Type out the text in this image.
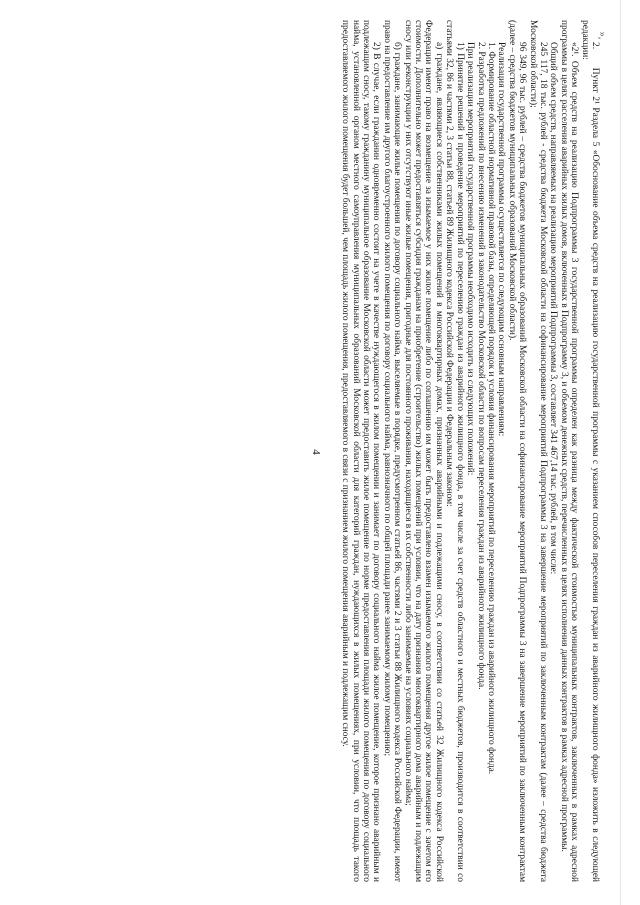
»,
4	2.  Пункт 2¹ Раздела 5 «Обоснование объема средств на реализацию государственной программы с указанием способов переселения граждан из аварийного жилищного фонда» изложить в следующей редакции:

«2¹. Объем средств на реализацию Подпрограммы 3 государственной программы определен как разница между фактической стоимостью муниципальных контрактов, заключенных в рамках адресной программы в целях расселения аварийных жилых домов, включенных в Подпрограмму 3, и объемом денежных средств, перечисленных в целях исполнения данных контрактов в рамках адресной программы.

Общий объем средств, направляемых на реализацию мероприятий Подпрограммы 3, составляет 341 467,14 тыс. рублей, в том числе:

245 117, 18 тыс. рублей - средства бюджета Московской области на софинансирование мероприятий Подпрограммы 3 на завершение мероприятий по заключенным контрактам (далее – средства бюджета Московской области);

96 349, 96 тыс. рублей – средства бюджетов муниципальных образований Московской области на софинансирование мероприятий Подпрограммы 3 на завершение мероприятий по заключенным контрактам (далее – средства бюджетов муниципальных образований Московской области).

Реализация государственной программы осуществляется по следующим основным направлениям:

1. Формирование областной нормативной правовой базы, определяющей порядок и условия финансирования мероприятий по переселению граждан из аварийного жилищного фонда.

2. Разработка предложений по внесению изменений в законодательство Московской области по вопросам переселения граждан из аварийного жилищного фонда.

При реализации мероприятий государственной программы необходимо исходить из следующих положений:

1) Принятие решений и проведение мероприятий по переселению граждан из аварийного жилищного фонда, в том числе за счет средств областного и местных бюджетов, производится в соответствии со статьями 32, 86 и частями 2, 3 статьи 88, статьей 89 Жилищного кодекса Российской Федерации и Федеральным законом:

а) граждане, являющиеся собственниками жилых помещений в многоквартирных домах, признанных аварийными и подлежащими сносу, в соответствии со статьей 32 Жилищного кодекса Российской Федерации имеют право на возмещение за изымаемое у них жилое помещение либо по соглашению им может быть предоставлено взамен изымаемого жилого помещения другое жилое помещение с зачетом его стоимости. Дополнительно может предоставляться субсидия гражданам на приобретение (строительство) жилых помещений при условии, что на дату признания многоквартирного дома аварийным и подлежащим сносу или реконструкции у них отсутствуют иные жилые помещения, пригодные для постоянного проживания, находящиеся в их собственности либо занимаемые на условиях социального найма;

б) граждане, занимающие жилые помещения по договору социального найма, выселяемые в порядке, предусмотренном статьей 86, частями 2 и 3 статьи 88 Жилищного кодекса Российской Федерации, имеют право на предоставление им другого благоустроенного жилого помещения по договору социального найма, равнозначного по общей площади ранее занимаемому жилому помещению;

2) В случае, если гражданин одновременно состоит на учете в качестве нуждающегося в жилом помещении и занимает по договору социального найма жилое помещение, которое признано аварийным и подлежащим сносу, такому гражданину муниципальное образование Московской области может предоставить жилое помещение по норме предоставления площади жилого помещения по договору социального найма, установленной органом местного самоуправления муниципальных образований Московской области для категорий граждан, нуждающихся в жилых помещениях, при условии, что площадь такого предоставляемого жилого помещения будет большей, чем площадь жилого помещения, предоставляемого в связи с признанием жилого помещения аварийным и подлежащим сносу.
